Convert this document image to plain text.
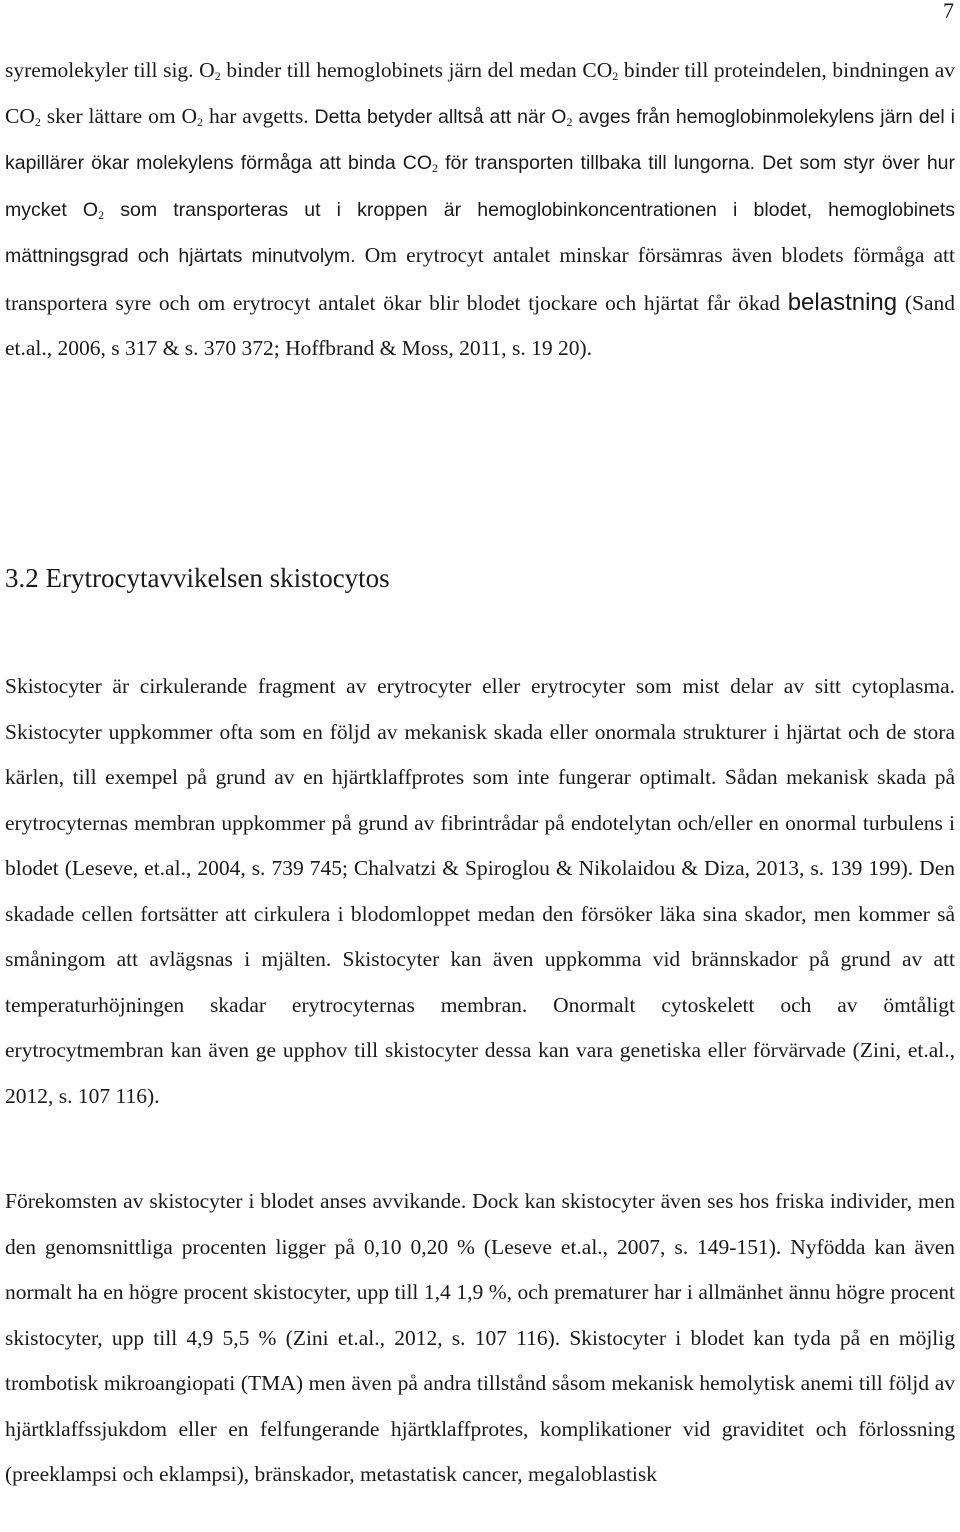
7

syremolekyler till sig. $O_2$ binder till hemoglobinets järn del medan $CO_2$ binder till proteindelen, bindningen av $CO_2$ sker lättare om $O_2$ har avgetts. Detta betyder alltså att när $O_2$ avges från hemoglobinmolekylens järn del i kapillärer ökar molekylens förmåga att binda $CO_2$ för transporten tillbaka till lungorna. Det som styr över hur mycket $O_2$ som transporteras ut i kroppen är hemoglobinkoncentrationen i blodet, hemoglobinets mättningsgrad och hjärtats minutvolym. Om erytrocyt antalet minskar försämras även blodets förmåga att transportera syre och om erytrocyt antalet ökar blir blodet tjockare och hjärtat får ökad belastning (Sand et.al., 2006, s 317 & s. 370 372; Hoffbrand & Moss, 2011, s. 19 20).

3.2 Erytrocytavvikelsen skistocytos

Skistocyter är cirkulerande fragment av erytrocyter eller erytrocyter som mist delar av sitt cytoplasma. Skistocyter uppkommer ofta som en följd av mekanisk skada eller onormala strukturer i hjärtat och de stora kärlen, till exempel på grund av en hjärtklaffprotes som inte fungerar optimalt. Sådan mekanisk skada på erytrocyternas membran uppkommer på grund av fibrintrådar på endotelytan och/eller en onormal turbulens i blodet (Leseve, et.al., 2004, s. 739 745; Chalvatzi & Spiroglou & Nikolaidou & Diza, 2013, s. 139 199). Den skadade cellen fortsätter att cirkulera i blodomloppet medan den försöker läka sina skador, men kommer så småningom att avlägsnas i mjälten. Skistocyter kan även uppkomma vid brännskador på grund av att temperaturhöjningen skadar erytrocyternas membran. Onormalt cytoskelett och av ömtåligt erytrocytmembran kan även ge upphov till skistocyter dessa kan vara genetiska eller förvärvade (Zini, et.al., 2012, s. 107 116).

Förekomsten av skistocyter i blodet anses avvikande. Dock kan skistocyter även ses hos friska individer, men den genomsnittliga procenten ligger på 0,10 0,20 % (Leseve et.al., 2007, s. 149-151). Nyfödda kan även normalt ha en högre procent skistocyter, upp till 1,4 1,9 %, och prematurer har i allmänhet ännu högre procent skistocyter, upp till 4,9 5,5 % (Zini et.al., 2012, s. 107 116). Skistocyter i blodet kan tyda på en möjlig trombotisk mikroangiopati (TMA) men även på andra tillstånd såsom mekanisk hemolytisk anemi till följd av hjärtklaffssjukdom eller en felfungerande hjärtklaffprotes, komplikationer vid graviditet och förlossning (preeklampsi och eklampsi), bränskador, metastatisk cancer, megaloblastisk
